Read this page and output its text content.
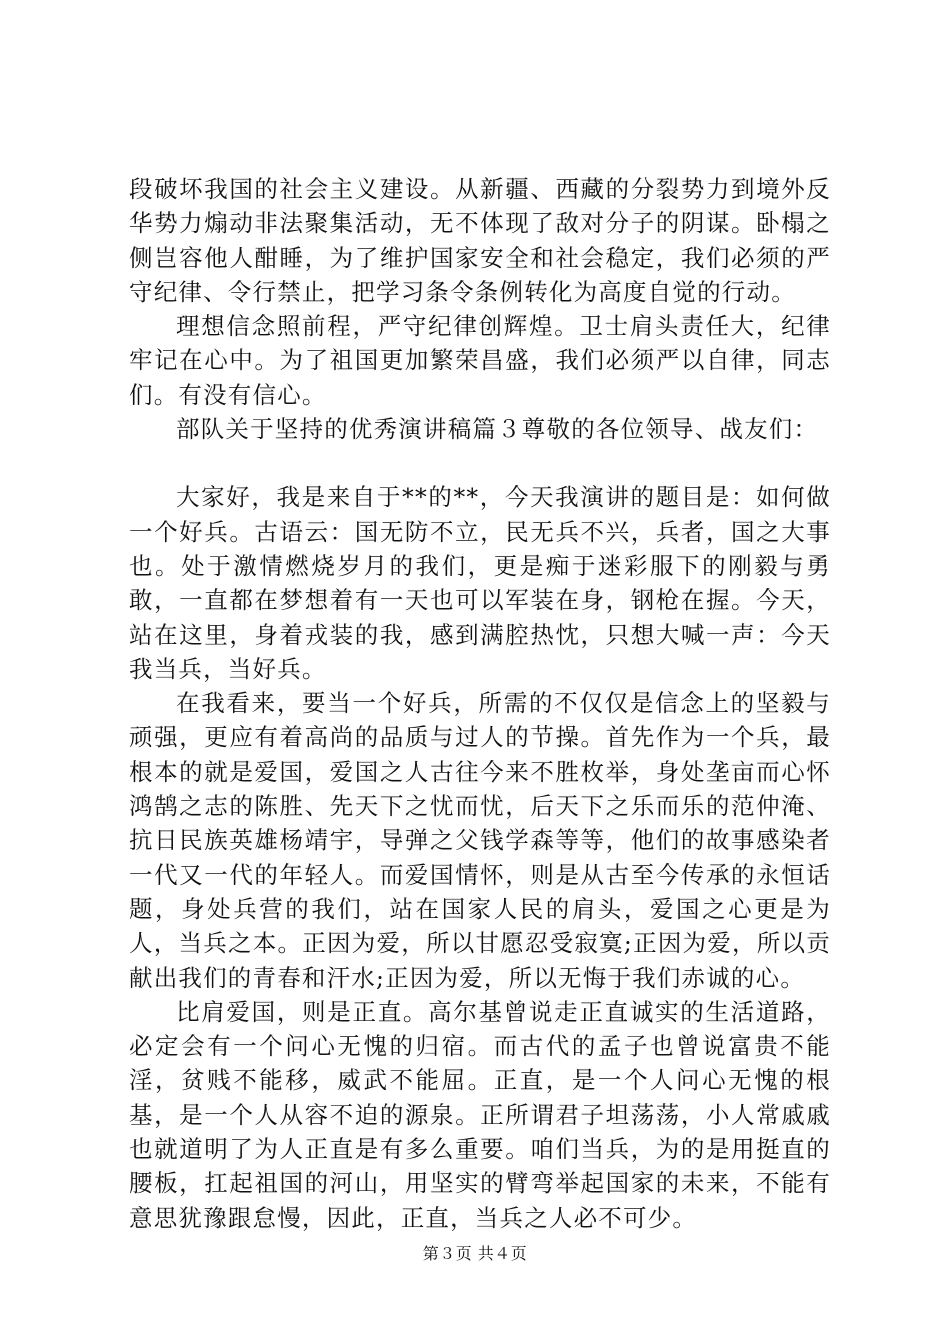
段破坏我国的社会主义建设。从新疆、西藏的分裂势力到境外反华势力煽动非法聚集活动，无不体现了敌对分子的阴谋。卧榻之侧岂容他人酣睡，为了维护国家安全和社会稳定，我们必须的严守纪律、令行禁止，把学习条令条例转化为高度自觉的行动。

理想信念照前程，严守纪律创辉煌。卫士肩头责任大，纪律牢记在心中。为了祖国更加繁荣昌盛，我们必须严以自律，同志们。有没有信心。

部队关于坚持的优秀演讲稿篇３尊敬的各位领导、战友们：

大家好，我是来自于**的**，今天我演讲的题目是：如何做一个好兵。古语云：国无防不立，民无兵不兴，兵者，国之大事也。处于激情燃烧岁月的我们，更是痴于迷彩服下的刚毅与勇敢，一直都在梦想着有一天也可以军装在身，钢枪在握。今天，站在这里，身着戎装的我，感到满腔热忱，只想大喊一声：今天我当兵，当好兵。

在我看来，要当一个好兵，所需的不仅仅是信念上的坚毅与顽强，更应有着高尚的品质与过人的节操。首先作为一个兵，最根本的就是爱国，爱国之人古往今来不胜枚举，身处垄亩而心怀鸿鹄之志的陈胜、先天下之忧而忧，后天下之乐而乐的范仲淹、抗日民族英雄杨靖宇，导弹之父钱学森等等，他们的故事感染者一代又一代的年轻人。而爱国情怀，则是从古至今传承的永恒话题，身处兵营的我们，站在国家人民的肩头，爱国之心更是为人，当兵之本。正因为爱，所以甘愿忍受寂寞;正因为爱，所以贡献出我们的青春和汗水;正因为爱，所以无悔于我们赤诚的心。

比肩爱国，则是正直。高尔基曾说走正直诚实的生活道路，必定会有一个问心无愧的归宿。而古代的孟子也曾说富贵不能淫，贫贱不能移，威武不能屈。正直，是一个人问心无愧的根基，是一个人从容不迫的源泉。正所谓君子坦荡荡，小人常戚戚也就道明了为人正直是有多么重要。咱们当兵，为的是用挺直的腰板，扛起祖国的河山，用坚实的臂弯举起国家的未来，不能有意思犹豫跟怠慢，因此，正直，当兵之人必不可少。

第３页 共４页
